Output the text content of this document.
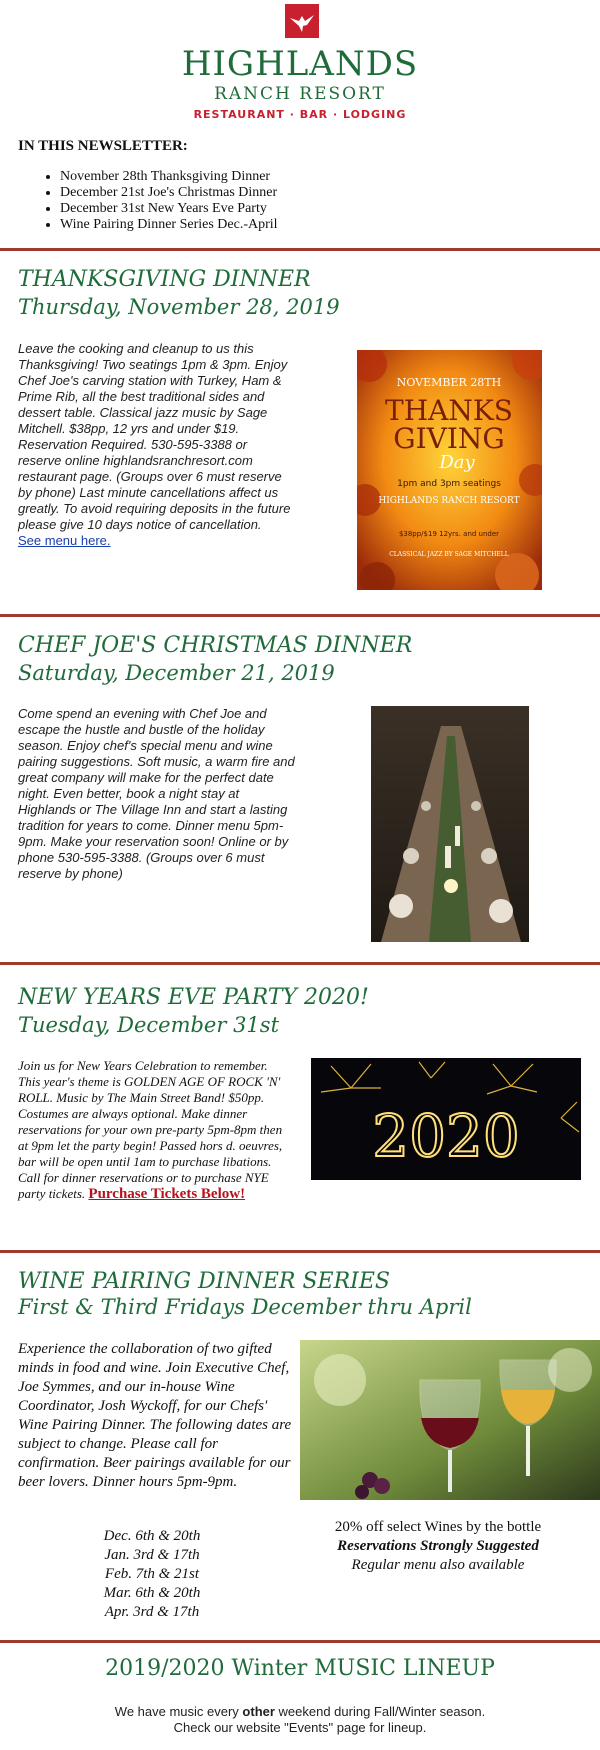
HIGHLANDS
RANCH RESORT
RESTAURANT · BAR · LODGING
IN THIS NEWSLETTER:
• November 28th Thanksgiving Dinner
• December 21st Joe's Christmas Dinner
• December 31st New Years Eve Party
• Wine Pairing Dinner Series Dec.-April
THANKSGIVING DINNER
Thursday, November 28, 2019
Leave the cooking and cleanup to us this Thanksgiving! Two seatings 1pm & 3pm. Enjoy Chef Joe's carving station with Turkey, Ham & Prime Rib, all the best traditional sides and dessert table. Classical jazz music by Sage Mitchell. $38pp, 12 yrs and under $19. Reservation Required. 530-595-3388 or reserve online highlandsranchresort.com restaurant page. (Groups over 6 must reserve by phone) Last minute cancellations affect us greatly. To avoid requiring deposits in the future please give 10 days notice of cancellation.
See menu here.
NOVEMBER 28TH
THANKS
GIVING
Day
1pm and 3pm seatings
HIGHLANDS RANCH RESORT
$38pp/$19 12yrs. and under
CLASSICAL JAZZ BY SAGE MITCHELL
CHEF JOE'S CHRISTMAS DINNER
Saturday, December 21, 2019
Come spend an evening with Chef Joe and escape the hustle and bustle of the holiday season. Enjoy chef's special menu and wine pairing suggestions. Soft music, a warm fire and great company will make for the perfect date night. Even better, book a night stay at Highlands or The Village Inn and start a lasting tradition for years to come. Dinner menu 5pm-9pm. Make your reservation soon! Online or by phone 530-595-3388. (Groups over 6 must reserve by phone)
NEW YEARS EVE PARTY 2020!
Tuesday, December 31st
Join us for New Years Celebration to remember. This year's theme is GOLDEN AGE OF ROCK 'N' ROLL. Music by The Main Street Band! $50pp. Costumes are always optional. Make dinner reservations for your own pre-party 5pm-8pm then at 9pm let the party begin! Passed hors d. oeuvres, bar will be open until 1am to purchase libations. Call for dinner reservations or to purchase NYE party tickets. Purchase Tickets Below!
2020
WINE PAIRING DINNER SERIES
First & Third Fridays December thru April
Experience the collaboration of two gifted minds in food and wine. Join Executive Chef, Joe Symmes, and our in-house Wine Coordinator, Josh Wyckoff, for our Chefs' Wine Pairing Dinner. The following dates are subject to change. Please call for confirmation. Beer pairings available for our beer lovers. Dinner hours 5pm-9pm.
Dec. 6th & 20th
Jan. 3rd & 17th
Feb. 7th & 21st
Mar. 6th & 20th
Apr. 3rd & 17th
20% off select Wines by the bottle
Reservations Strongly Suggested
Regular menu also available
2019/2020 Winter MUSIC LINEUP
We have music every other weekend during Fall/Winter season.
Check our website "Events" page for lineup.
